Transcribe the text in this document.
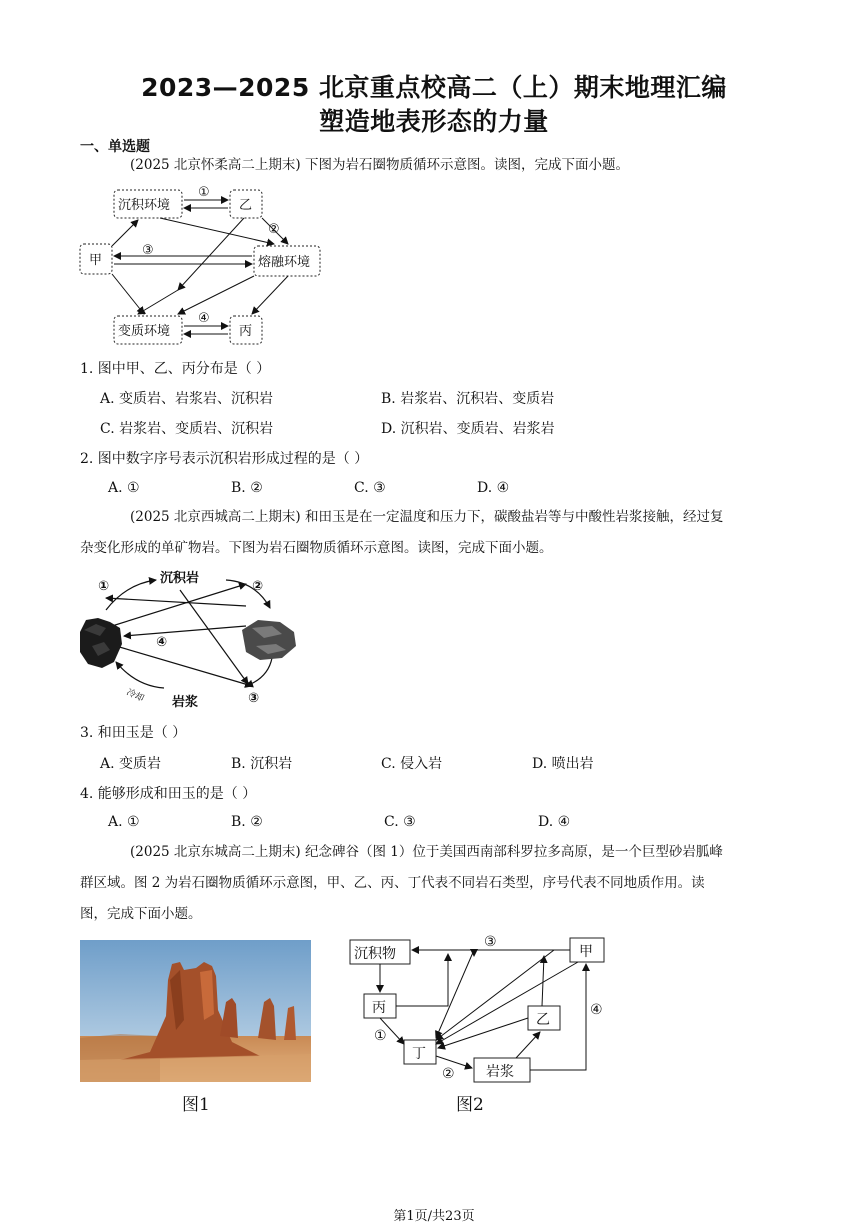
2023—2025 北京重点校高二（上）期末地理汇编
塑造地表形态的力量
一、单选题
(2025 北京怀柔高二上期末) 下图为岩石圈物质循环示意图。读图，完成下面小题。
沉积环境	乙
甲	熔融环境
变质环境	丙
①
②
③
④
1. 图中甲、乙、丙分布是（ ）
A. 变质岩、岩浆岩、沉积岩	B. 岩浆岩、沉积岩、变质岩
C. 岩浆岩、变质岩、沉积岩	D. 沉积岩、变质岩、岩浆岩
2. 图中数字序号表示沉积岩形成过程的是（ ）
A. ①	B. ②	C. ③	D. ④
(2025 北京西城高二上期末) 和田玉是在一定温度和压力下，碳酸盐岩等与中酸性岩浆接触，经过复
杂变化形成的单矿物岩。下图为岩石圈物质循环示意图。读图，完成下面小题。
沉积岩
岩浆
冷却
①	②
③
④
3. 和田玉是（ ）
A. 变质岩	B. 沉积岩	C. 侵入岩	D. 喷出岩
4. 能够形成和田玉的是（ ）
A. ①	B. ②	C. ③	D. ④
(2025 北京东城高二上期末) 纪念碑谷（图 1）位于美国西南部科罗拉多高原，是一个巨型砂岩胍峰
群区域。图 2 为岩石圈物质循环示意图，甲、乙、丙、丁代表不同岩石类型，序号代表不同地质作用。读
图，完成下面小题。
图1
沉积物	甲
丙
乙
丁
岩浆
③
④
①
②
图2
第1页/共23页
